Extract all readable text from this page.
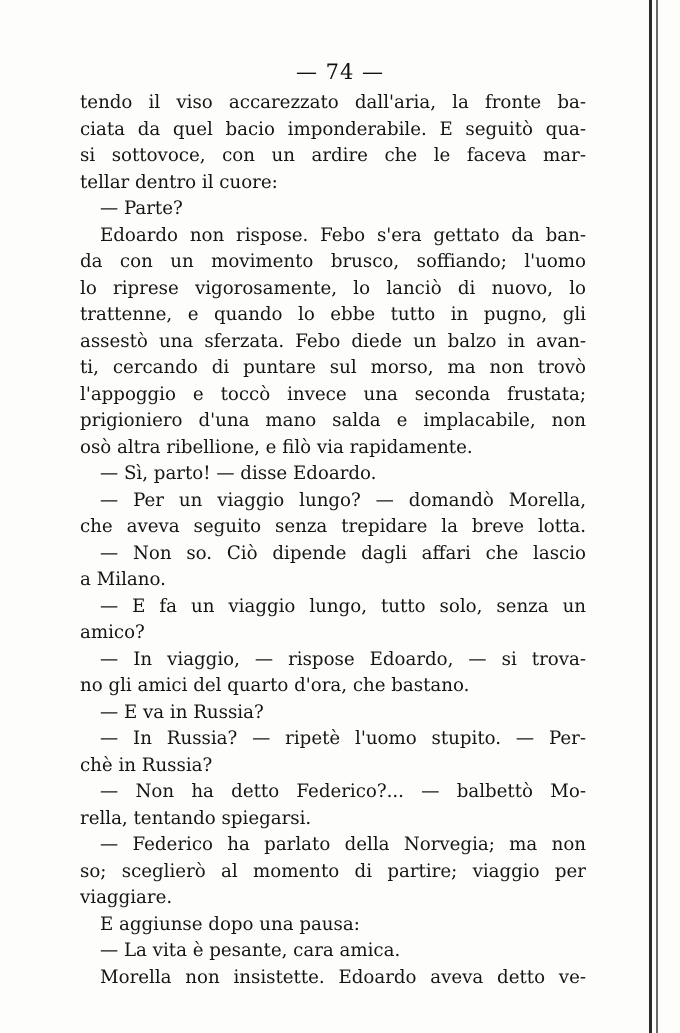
— 74 —
tendo il viso accarezzato dall'aria, la fronte ba-
ciata da quel bacio imponderabile. E seguitò qua-
si sottovoce, con un ardire che le faceva mar-
tellar dentro il cuore:
— Parte?
Edoardo non rispose. Febo s'era gettato da ban-
da con un movimento brusco, soffiando; l'uomo
lo riprese vigorosamente, lo lanciò di nuovo, lo
trattenne, e quando lo ebbe tutto in pugno, gli
assestò una sferzata. Febo diede un balzo in avan-
ti, cercando di puntare sul morso, ma non trovò
l'appoggio e toccò invece una seconda frustata;
prigioniero d'una mano salda e implacabile, non
osò altra ribellione, e filò via rapidamente.
— Sì, parto! — disse Edoardo.
— Per un viaggio lungo? — domandò Morella,
che aveva seguito senza trepidare la breve lotta.
— Non so. Ciò dipende dagli affari che lascio
a Milano.
— E fa un viaggio lungo, tutto solo, senza un
amico?
— In viaggio, — rispose Edoardo, — si trova-
no gli amici del quarto d'ora, che bastano.
— E va in Russia?
— In Russia? — ripetè l'uomo stupito. — Per-
chè in Russia?
— Non ha detto Federico?... — balbettò Mo-
rella, tentando spiegarsi.
— Federico ha parlato della Norvegia; ma non
so; sceglierò al momento di partire; viaggio per
viaggiare.
E aggiunse dopo una pausa:
— La vita è pesante, cara amica.
Morella non insistette. Edoardo aveva detto ve-
